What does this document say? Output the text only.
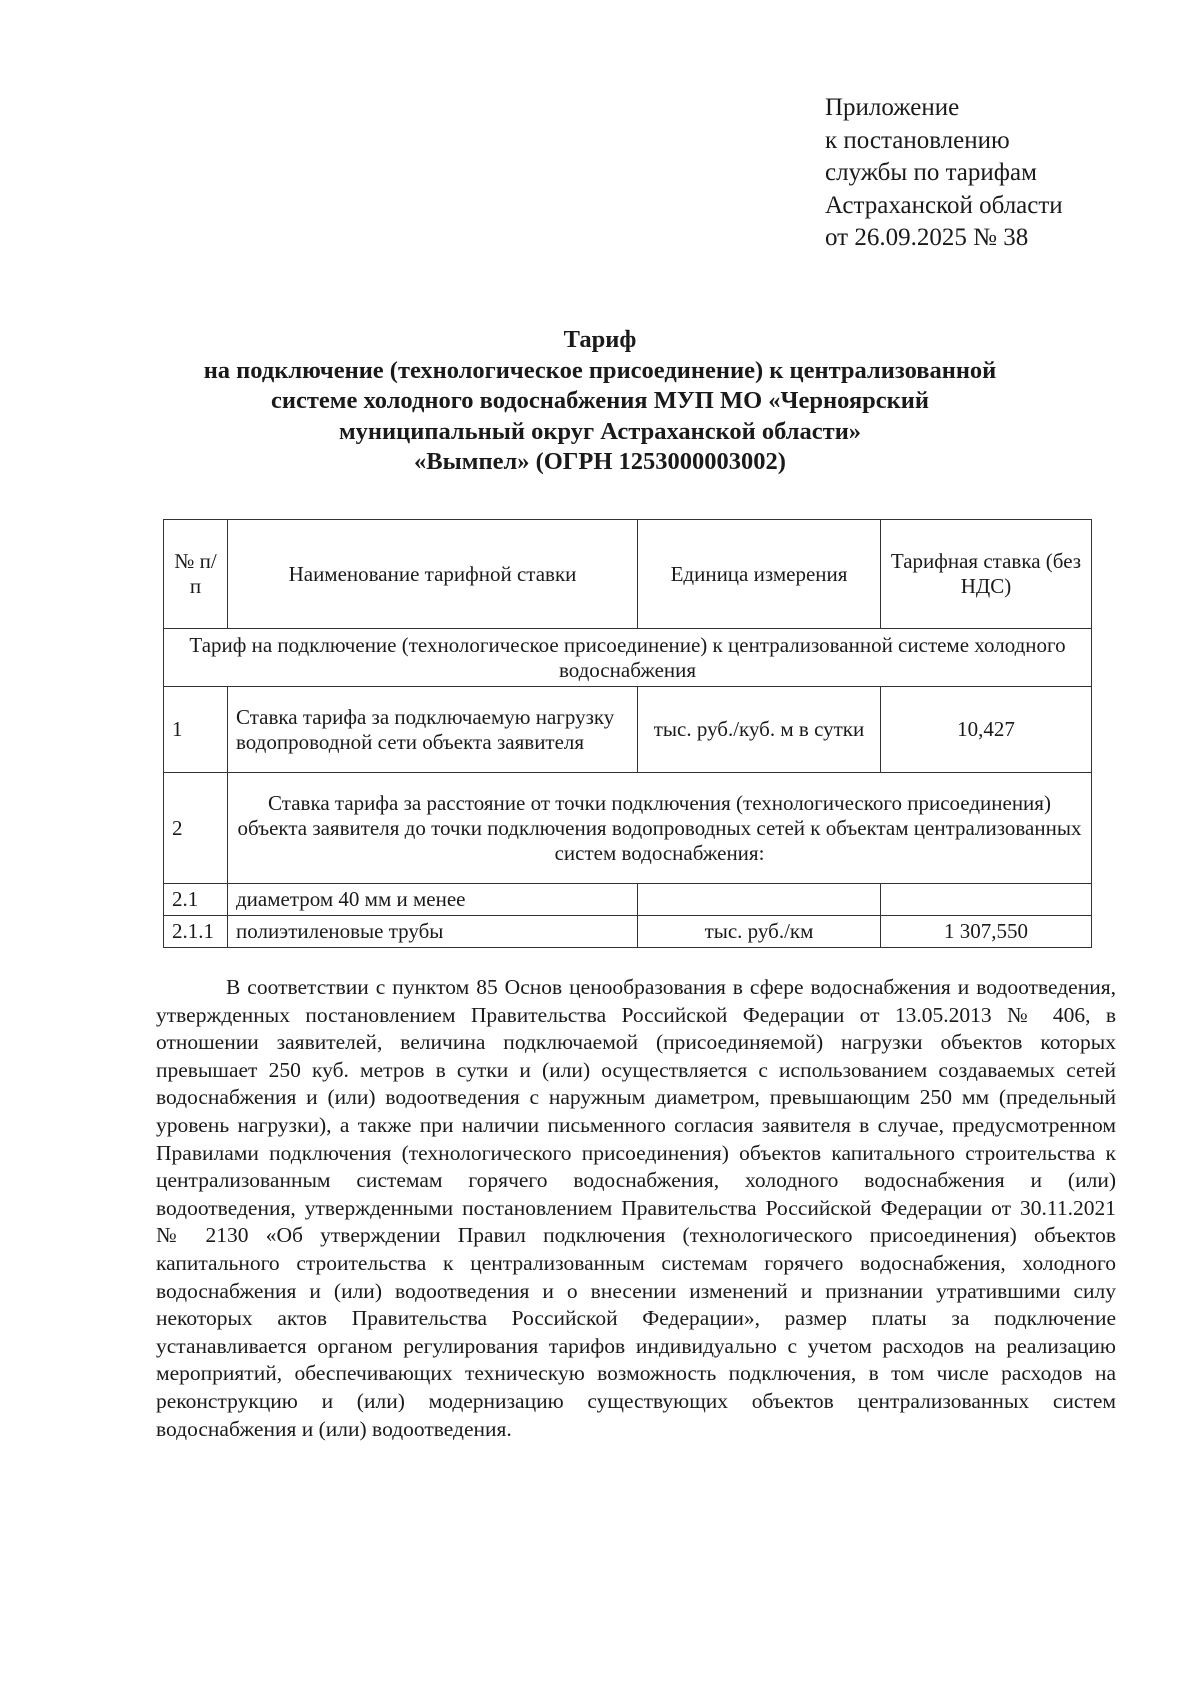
Приложение
к постановлению
службы по тарифам
Астраханской области
от 26.09.2025 № 38
Тариф
на подключение (технологическое присоединение) к централизованной
системе холодного водоснабжения МУП МО «Черноярский
муниципальный округ Астраханской области»
«Вымпел» (ОГРН 1253000003002)
№ п/п	Наименование тарифной ставки	Единица измерения	Тарифная ставка (без НДС)
Тариф на подключение (технологическое присоединение) к централизованной системе холодного водоснабжения			
1	Ставка тарифа за подключаемую нагрузку водопроводной сети объекта заявителя	тыс. руб./куб. м в сутки	10,427
2	Ставка тарифа за расстояние от точки подключения (технологического присоединения) объекта заявителя до точки подключения водопроводных сетей к объектам централизованных систем водоснабжения:		
2.1	диаметром 40 мм и менее		
2.1.1	полиэтиленовые трубы	тыс. руб./км	1 307,550

В соответствии с пунктом 85 Основ ценообразования в сфере водоснабжения и водоотведения, утвержденных постановлением Правительства Российской Федерации от 13.05.2013 № 406, в отношении заявителей, величина подключаемой (присоединяемой) нагрузки объектов которых превышает 250 куб. метров в сутки и (или) осуществляется с использованием создаваемых сетей водоснабжения и (или) водоотведения с наружным диаметром, превышающим 250 мм (предельный уровень нагрузки), а также при наличии письменного согласия заявителя в случае, предусмотренном Правилами подключения (технологического присоединения) объектов капитального строительства к централизованным системам горячего водоснабжения, холодного водоснабжения и (или) водоотведения, утвержденными постановлением Правительства Российской Федерации от 30.11.2021 № 2130 «Об утверждении Правил подключения (технологического присоединения) объектов капитального строительства к централизованным системам горячего водоснабжения, холодного водоснабжения и (или) водоотведения и о внесении изменений и признании утратившими силу некоторых актов Правительства Российской Федерации», размер платы за подключение устанавливается органом регулирования тарифов индивидуально с учетом расходов на реализацию мероприятий, обеспечивающих техническую возможность подключения, в том числе расходов на реконструкцию и (или) модернизацию существующих объектов централизованных систем водоснабжения и (или) водоотведения.
